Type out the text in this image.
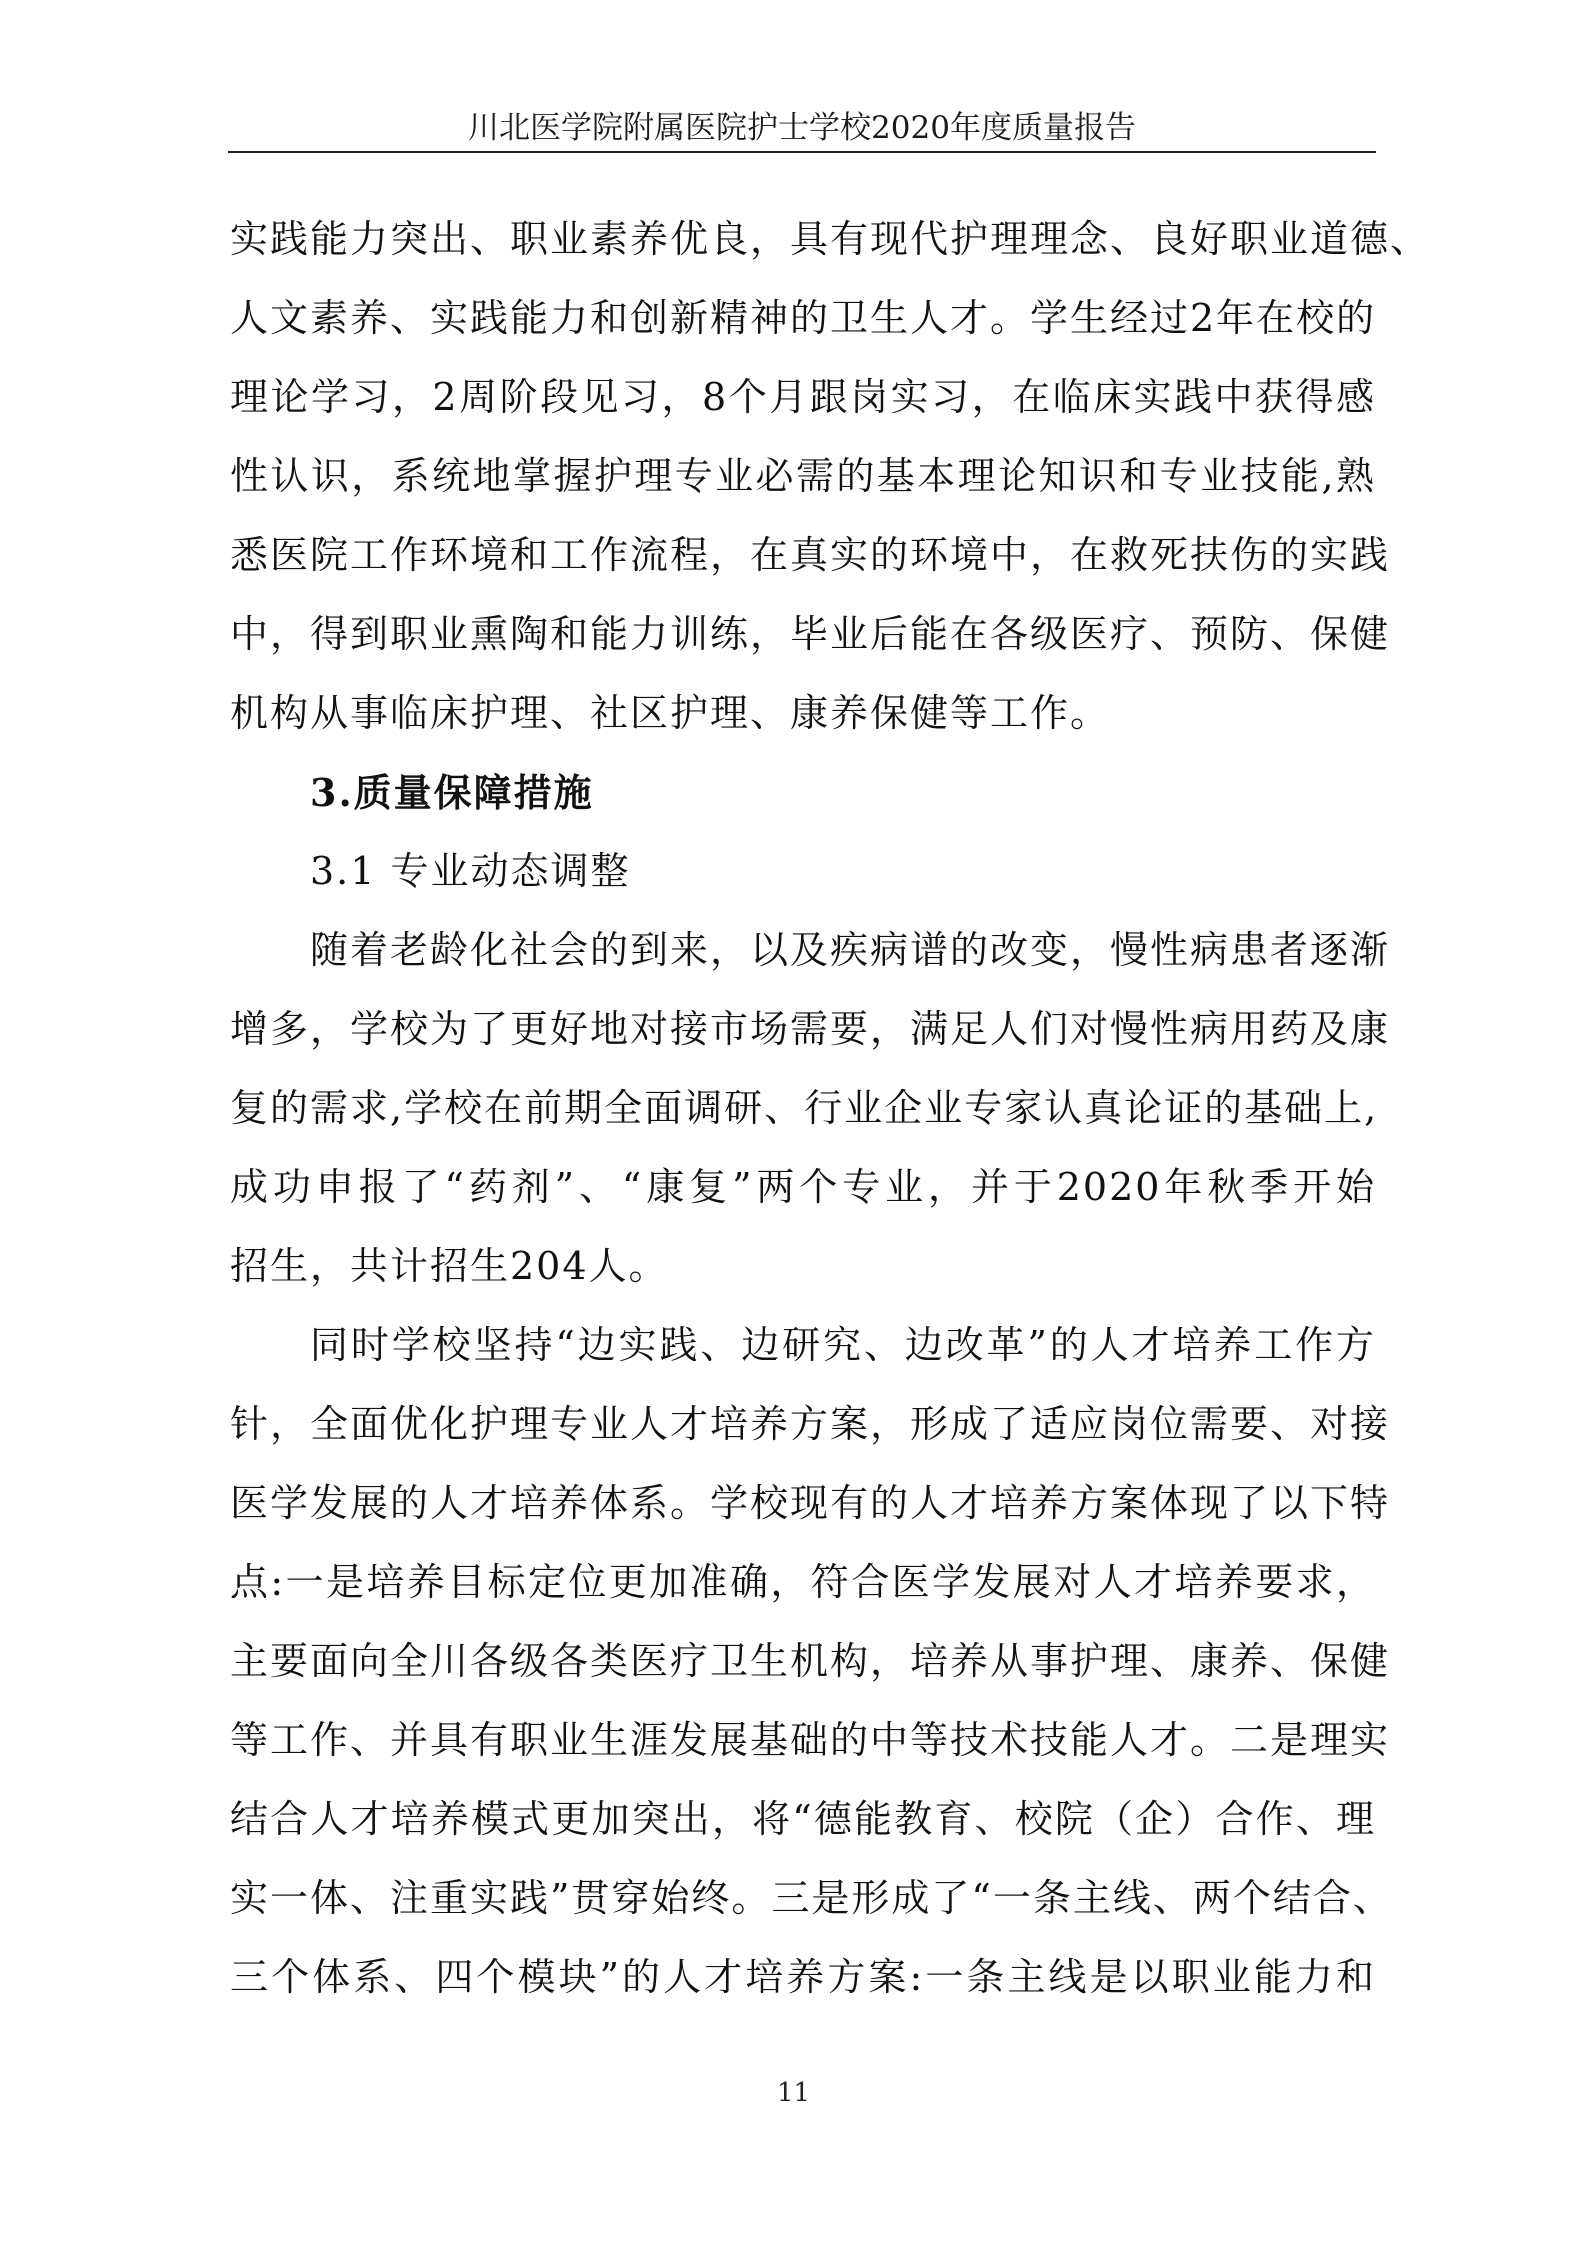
川北医学院附属医院护士学校2020年度质量报告
实践能力突出、职业素养优良，具有现代护理理念、良好职业道德、
人文素养、实践能力和创新精神的卫生人才。学生经过2年在校的
理论学习，2周阶段见习，8个月跟岗实习，在临床实践中获得感
性认识，系统地掌握护理专业必需的基本理论知识和专业技能,熟
悉医院工作环境和工作流程，在真实的环境中，在救死扶伤的实践
中，得到职业熏陶和能力训练，毕业后能在各级医疗、预防、保健
机构从事临床护理、社区护理、康养保健等工作。
3.质量保障措施
3.1 专业动态调整
随着老龄化社会的到来，以及疾病谱的改变，慢性病患者逐渐
增多，学校为了更好地对接市场需要，满足人们对慢性病用药及康
复的需求,学校在前期全面调研、行业企业专家认真论证的基础上,
成功申报了“药剂”、“康复”两个专业，并于2020年秋季开始
招生，共计招生204人。
同时学校坚持“边实践、边研究、边改革”的人才培养工作方
针，全面优化护理专业人才培养方案，形成了适应岗位需要、对接
医学发展的人才培养体系。学校现有的人才培养方案体现了以下特
点:一是培养目标定位更加准确，符合医学发展对人才培养要求，
主要面向全川各级各类医疗卫生机构，培养从事护理、康养、保健
等工作、并具有职业生涯发展基础的中等技术技能人才。二是理实
结合人才培养模式更加突出，将“德能教育、校院（企）合作、理
实一体、注重实践”贯穿始终。三是形成了“一条主线、两个结合、
三个体系、四个模块”的人才培养方案:一条主线是以职业能力和
11
